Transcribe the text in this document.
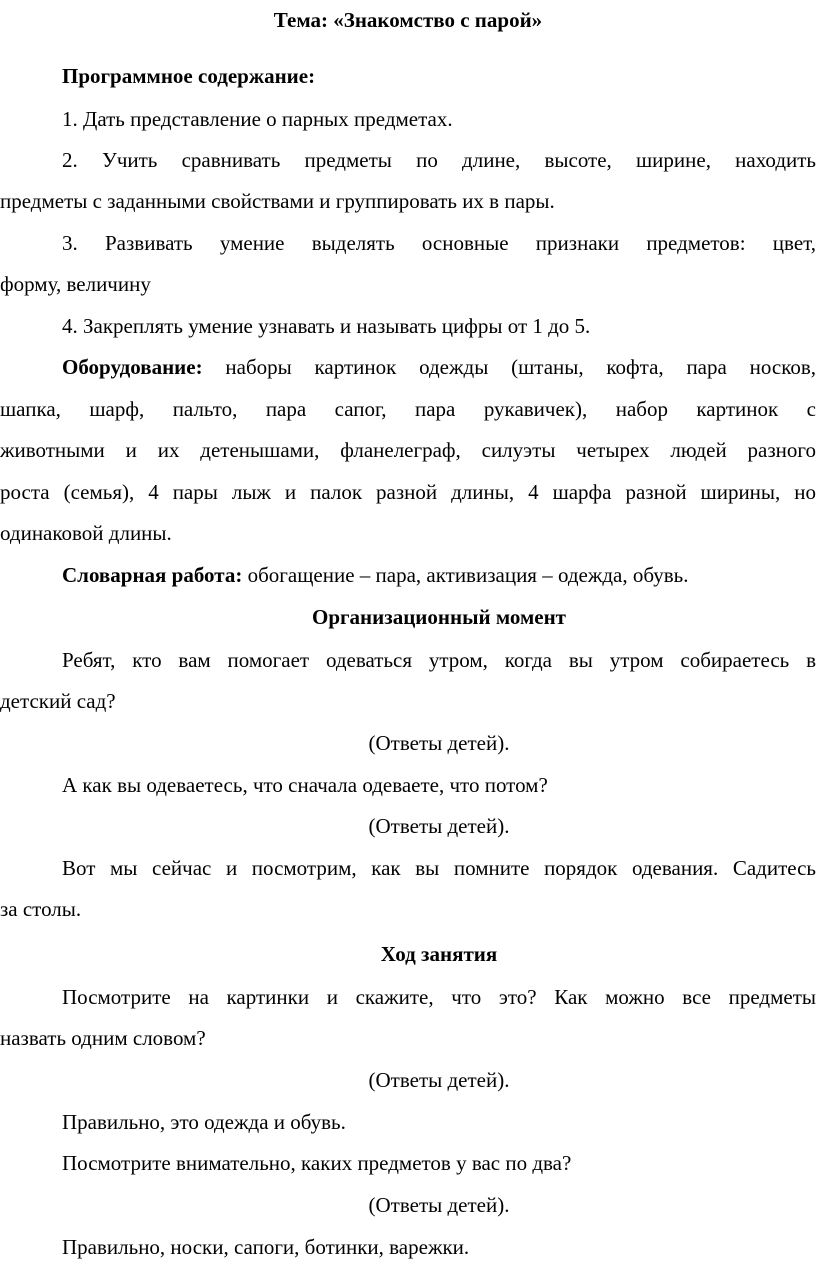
Тема: «Знакомство с парой»
Программное содержание:
1. Дать представление о парных предметах.
2. Учить сравнивать предметы по длине, высоте, ширине, находить
предметы с заданными свойствами и группировать их в пары.
3. Развивать умение выделять основные признаки предметов: цвет,
форму, величину
4. Закреплять умение узнавать и называть цифры от 1 до 5.
Оборудование: наборы картинок одежды (штаны, кофта, пара носков,
шапка, шарф, пальто, пара сапог, пара рукавичек), набор картинок с
животными и их детенышами, фланелеграф, силуэты четырех людей разного
роста (семья), 4 пары лыж и палок разной длины, 4 шарфа разной ширины, но
одинаковой длины.
Словарная работа: обогащение – пара, активизация – одежда, обувь.
Организационный момент
Ребят, кто вам помогает одеваться утром, когда вы утром собираетесь в
детский сад?
(Ответы детей).
А как вы одеваетесь, что сначала одеваете, что потом?
(Ответы детей).
Вот мы сейчас и посмотрим, как вы помните порядок одевания. Садитесь
за столы.
Ход занятия
Посмотрите на картинки и скажите, что это? Как можно все предметы
назвать одним словом?
(Ответы детей).
Правильно, это одежда и обувь.
Посмотрите внимательно, каких предметов у вас по два?
(Ответы детей).
Правильно, носки, сапоги, ботинки, варежки.
